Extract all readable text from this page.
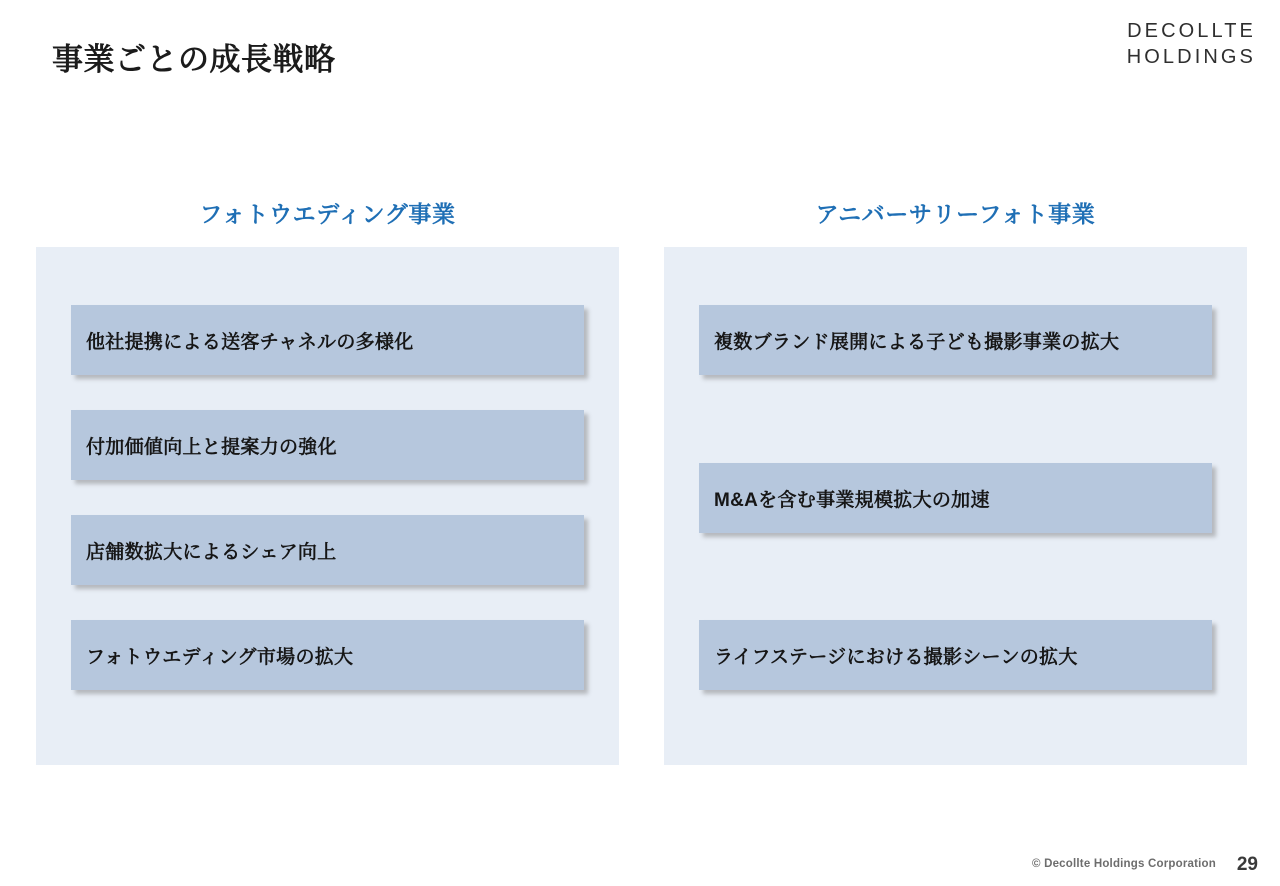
事業ごとの成長戦略
DECOLLTE
HOLDINGS
フォトウエディング事業
他社提携による送客チャネルの多様化
付加価値向上と提案力の強化
店舗数拡大によるシェア向上
フォトウエディング市場の拡大
アニバーサリーフォト事業
複数ブランド展開による子ども撮影事業の拡大
M&Aを含む事業規模拡大の加速
ライフステージにおける撮影シーンの拡大
© Decollte Holdings Corporation 29
